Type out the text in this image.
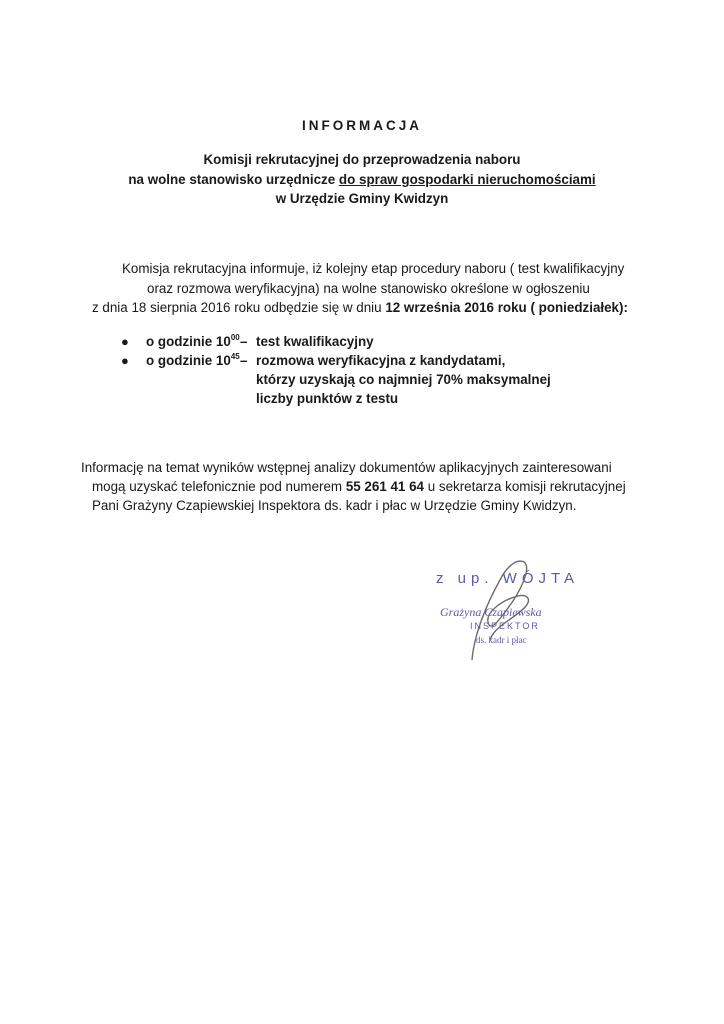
INFORMACJA
Komisji rekrutacyjnej do przeprowadzenia naboru
na wolne stanowisko urzędnicze do spraw gospodarki nieruchomościami
w Urzędzie Gminy Kwidzyn
Komisja rekrutacyjna informuje, iż kolejny etap procedury naboru ( test kwalifikacyjny
oraz rozmowa weryfikacyjna) na wolne stanowisko określone w ogłoszeniu
z dnia 18 sierpnia 2016 roku odbędzie się w dniu 12 września 2016 roku ( poniedziałek):
● o godzinie $10^{00}$ – test kwalifikacyjny
● o godzinie $10^{45}$ – rozmowa weryfikacyjna z kandydatami,
którzy uzyskają co najmniej 70% maksymalnej
liczby punktów z testu
Informację na temat wyników wstępnej analizy dokumentów aplikacyjnych zainteresowani
mogą uzyskać telefonicznie pod numerem 55 261 41 64 u sekretarza komisji rekrutacyjnej
Pani Grażyny Czapiewskiej Inspektora ds. kadr i płac w Urzędzie Gminy Kwidzyn.
z up. WÓJTA
Grażyna Czapiewska
INSPEKTOR
ds. kadr i płac
